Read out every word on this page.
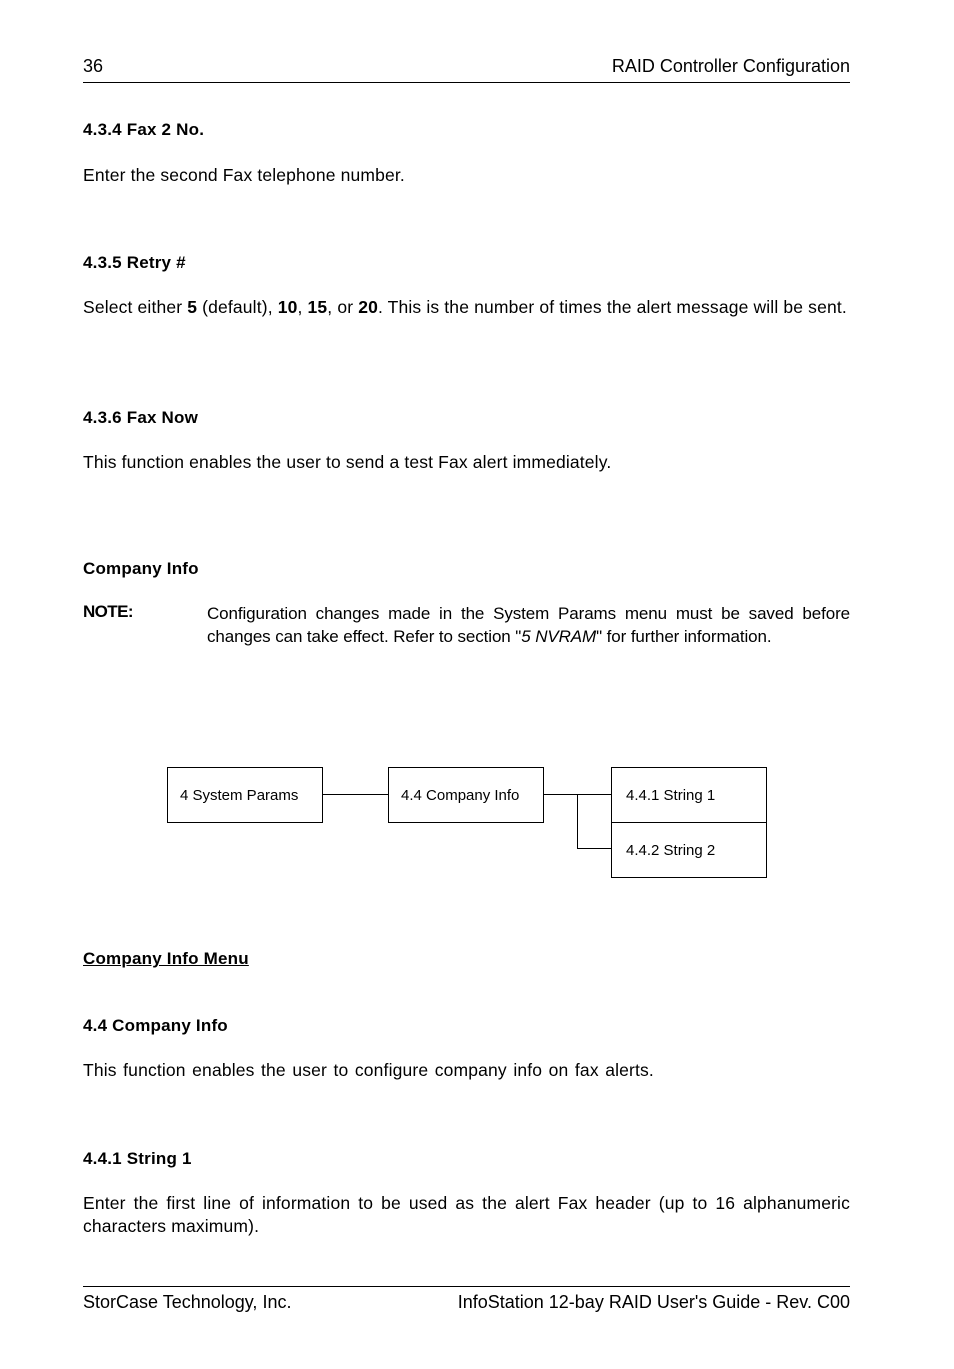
36	RAID Controller Configuration
4.3.4 Fax 2 No.
Enter the second Fax telephone number.
4.3.5 Retry #
Select either 5 (default), 10, 15, or 20. This is the number of times the alert message will be sent.
4.3.6 Fax Now
This function enables the user to send a test Fax alert immediately.
Company Info
NOTE:	Configuration changes made in the System Params menu must be saved before changes can take effect. Refer to section "5 NVRAM" for further information.
4 System Params	4.4 Company Info	4.4.1 String 1
4.4.2 String 2
Company Info Menu
4.4 Company Info
This function enables the user to configure company info on fax alerts.
4.4.1 String 1
Enter the first line of information to be used as the alert Fax header (up to 16 alphanumeric characters maximum).
StorCase Technology, Inc.	InfoStation 12-bay RAID User's Guide - Rev. C00
